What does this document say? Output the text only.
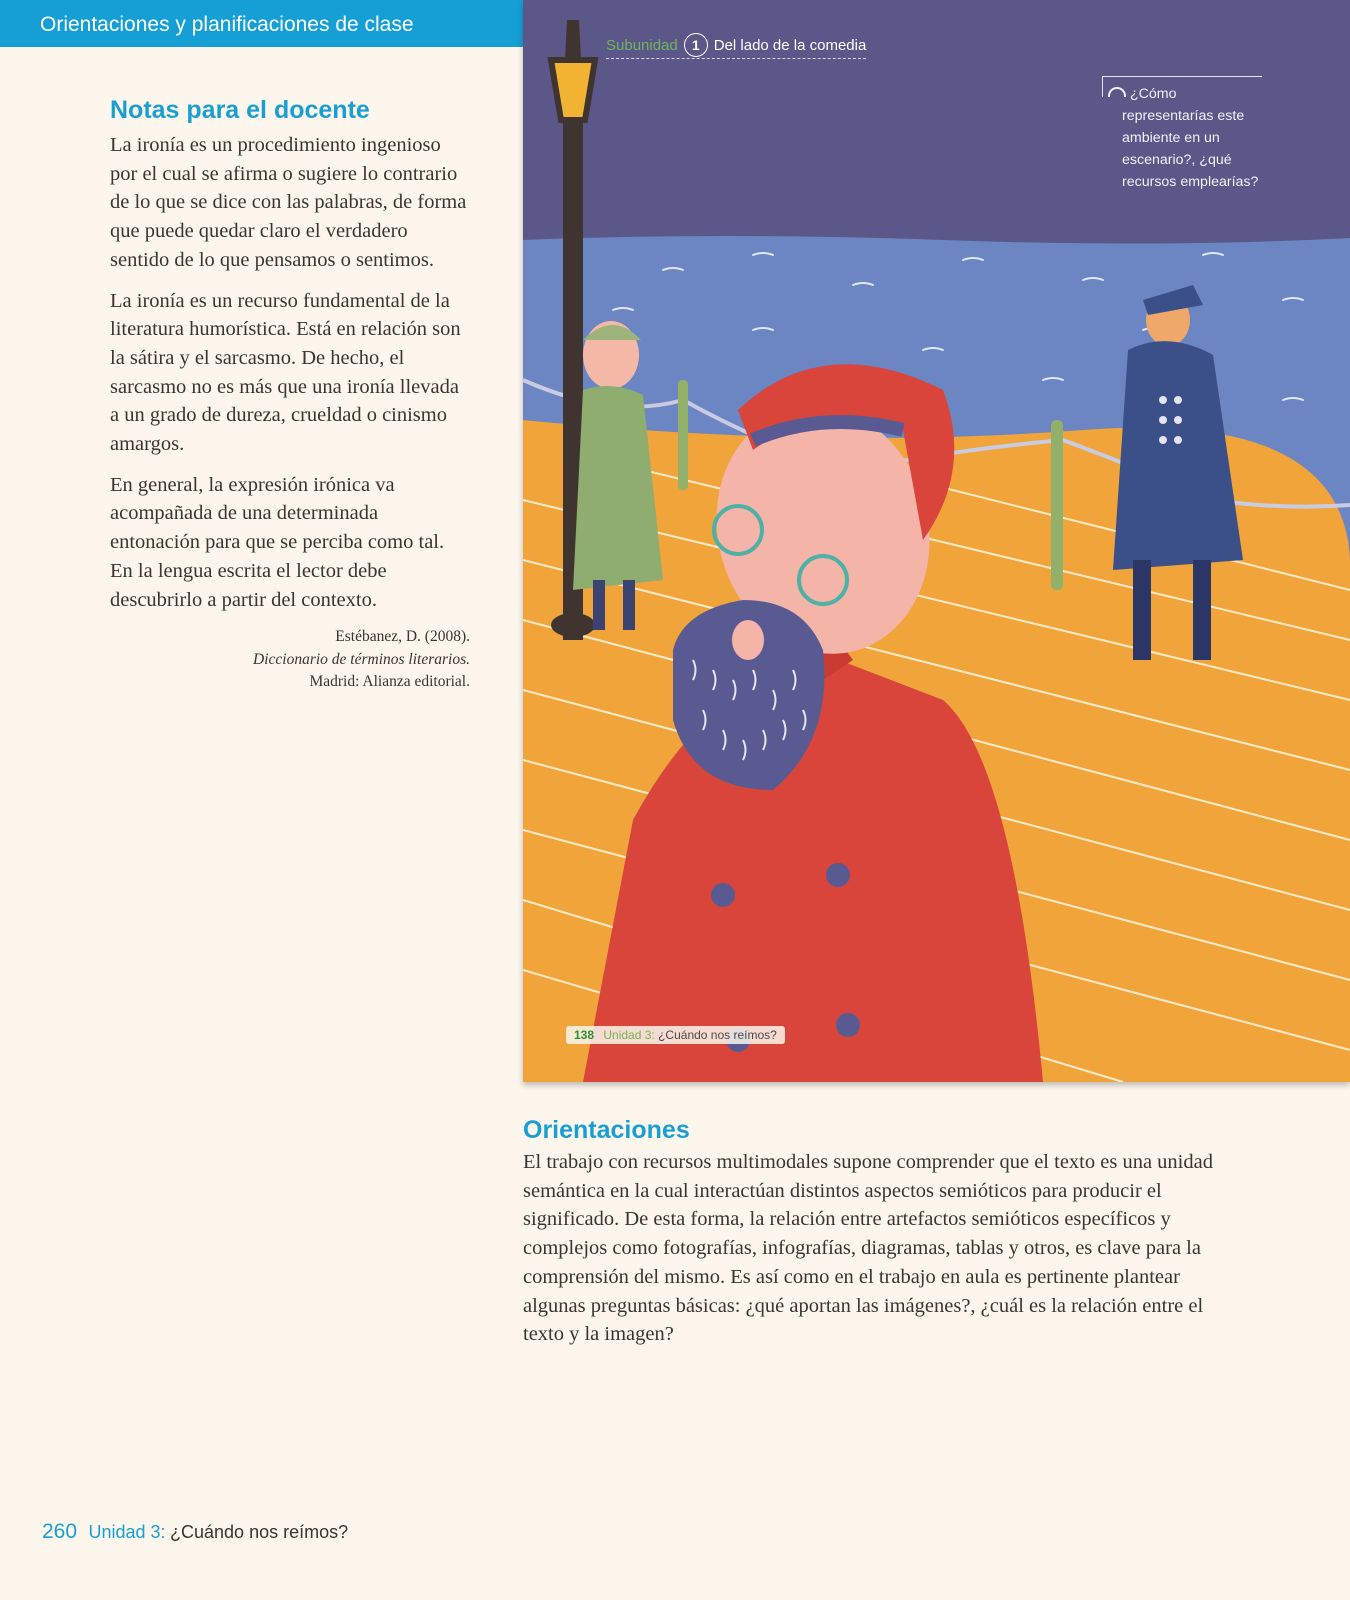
Orientaciones y planificaciones de clase
Notas para el docente

La ironía es un procedimiento ingenioso por el cual se afirma o sugiere lo contrario de lo que se dice con las palabras, de forma que puede quedar claro el verdadero sentido de lo que pensamos o sentimos.

La ironía es un recurso fundamental de la literatura humorística. Está en relación son la sátira y el sarcasmo. De hecho, el sarcasmo no es más que una ironía llevada a un grado de dureza, crueldad o cinismo amargos.

En general, la expresión irónica va acompañada de una determinada entonación para que se perciba como tal. En la lengua escrita el lector debe descubrirlo a partir del contexto.

Estébanez, D. (2008).
Diccionario de términos literarios.
Madrid: Alianza editorial.
Subunidad	1 Del lado de la comedia
¿Cómo representarías este ambiente en un escenario?, ¿qué recursos emplearías?
138 Unidad 3: ¿Cuándo nos reímos?
Orientaciones

El trabajo con recursos multimodales supone comprender que el texto es una unidad semántica en la cual interactúan distintos aspectos semióticos para producir el significado. De esta forma, la relación entre artefactos semióticos específicos y complejos como fotografías, infografías, diagramas, tablas y otros, es clave para la comprensión del mismo. Es así como en el trabajo en aula es pertinente plantear algunas preguntas básicas: ¿qué aportan las imágenes?, ¿cuál es la relación entre el texto y la imagen?

260 Unidad 3: ¿Cuándo nos reímos?
